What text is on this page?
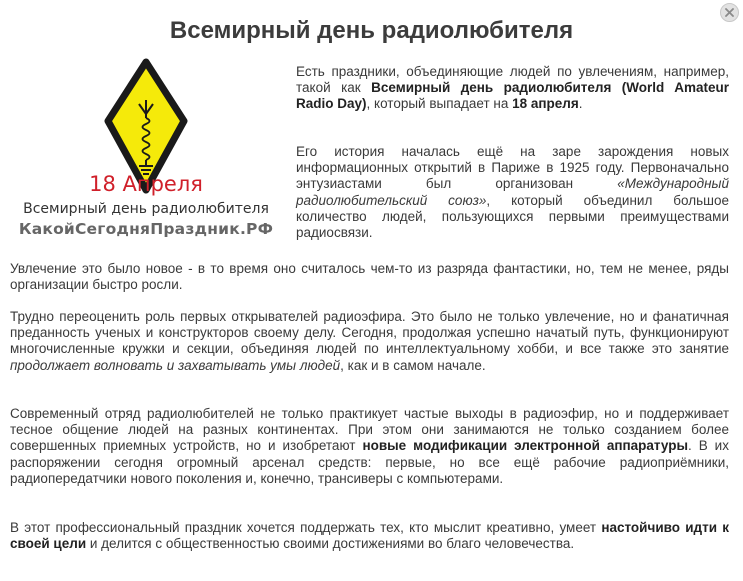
Всемирный день радиолюбителя
18 Апреля
Всемирный день радиолюбителя
КакойСегодняПраздник.РФ

Есть праздники, объединяющие людей по увлечениям, например, такой как Всемирный день радиолюбителя (World Amateur Radio Day), который выпадает на 18 апреля.

Его история началась ещё на заре зарождения новых информационных открытий в Париже в 1925 году. Первоначально энтузиастами был организован «Международный радиолюбительский союз», который объединил большое количество людей, пользующихся первыми преимуществами радиосвязи.

Увлечение это было новое - в то время оно считалось чем-то из разряда фантастики, но, тем не менее, ряды организации быстро росли.

Трудно переоценить роль первых открывателей радиоэфира. Это было не только увлечение, но и фанатичная преданность ученых и конструкторов своему делу. Сегодня, продолжая успешно начатый путь, функционируют многочисленные кружки и секции, объединяя людей по интеллектуальному хобби, и все также это занятие продолжает волновать и захватывать умы людей, как и в самом начале.

Современный отряд радиолюбителей не только практикует частые выходы в радиоэфир, но и поддерживает тесное общение людей на разных континентах. При этом они занимаются не только созданием более совершенных приемных устройств, но и изобретают новые модификации электронной аппаратуры. В их распоряжении сегодня огромный арсенал средств: первые, но все ещё рабочие радиоприёмники, радиопередатчики нового поколения и, конечно, трансиверы с компьютерами.

В этот профессиональный праздник хочется поддержать тех, кто мыслит креативно, умеет настойчиво идти к своей цели и делится с общественностью своими достижениями во благо человечества.
